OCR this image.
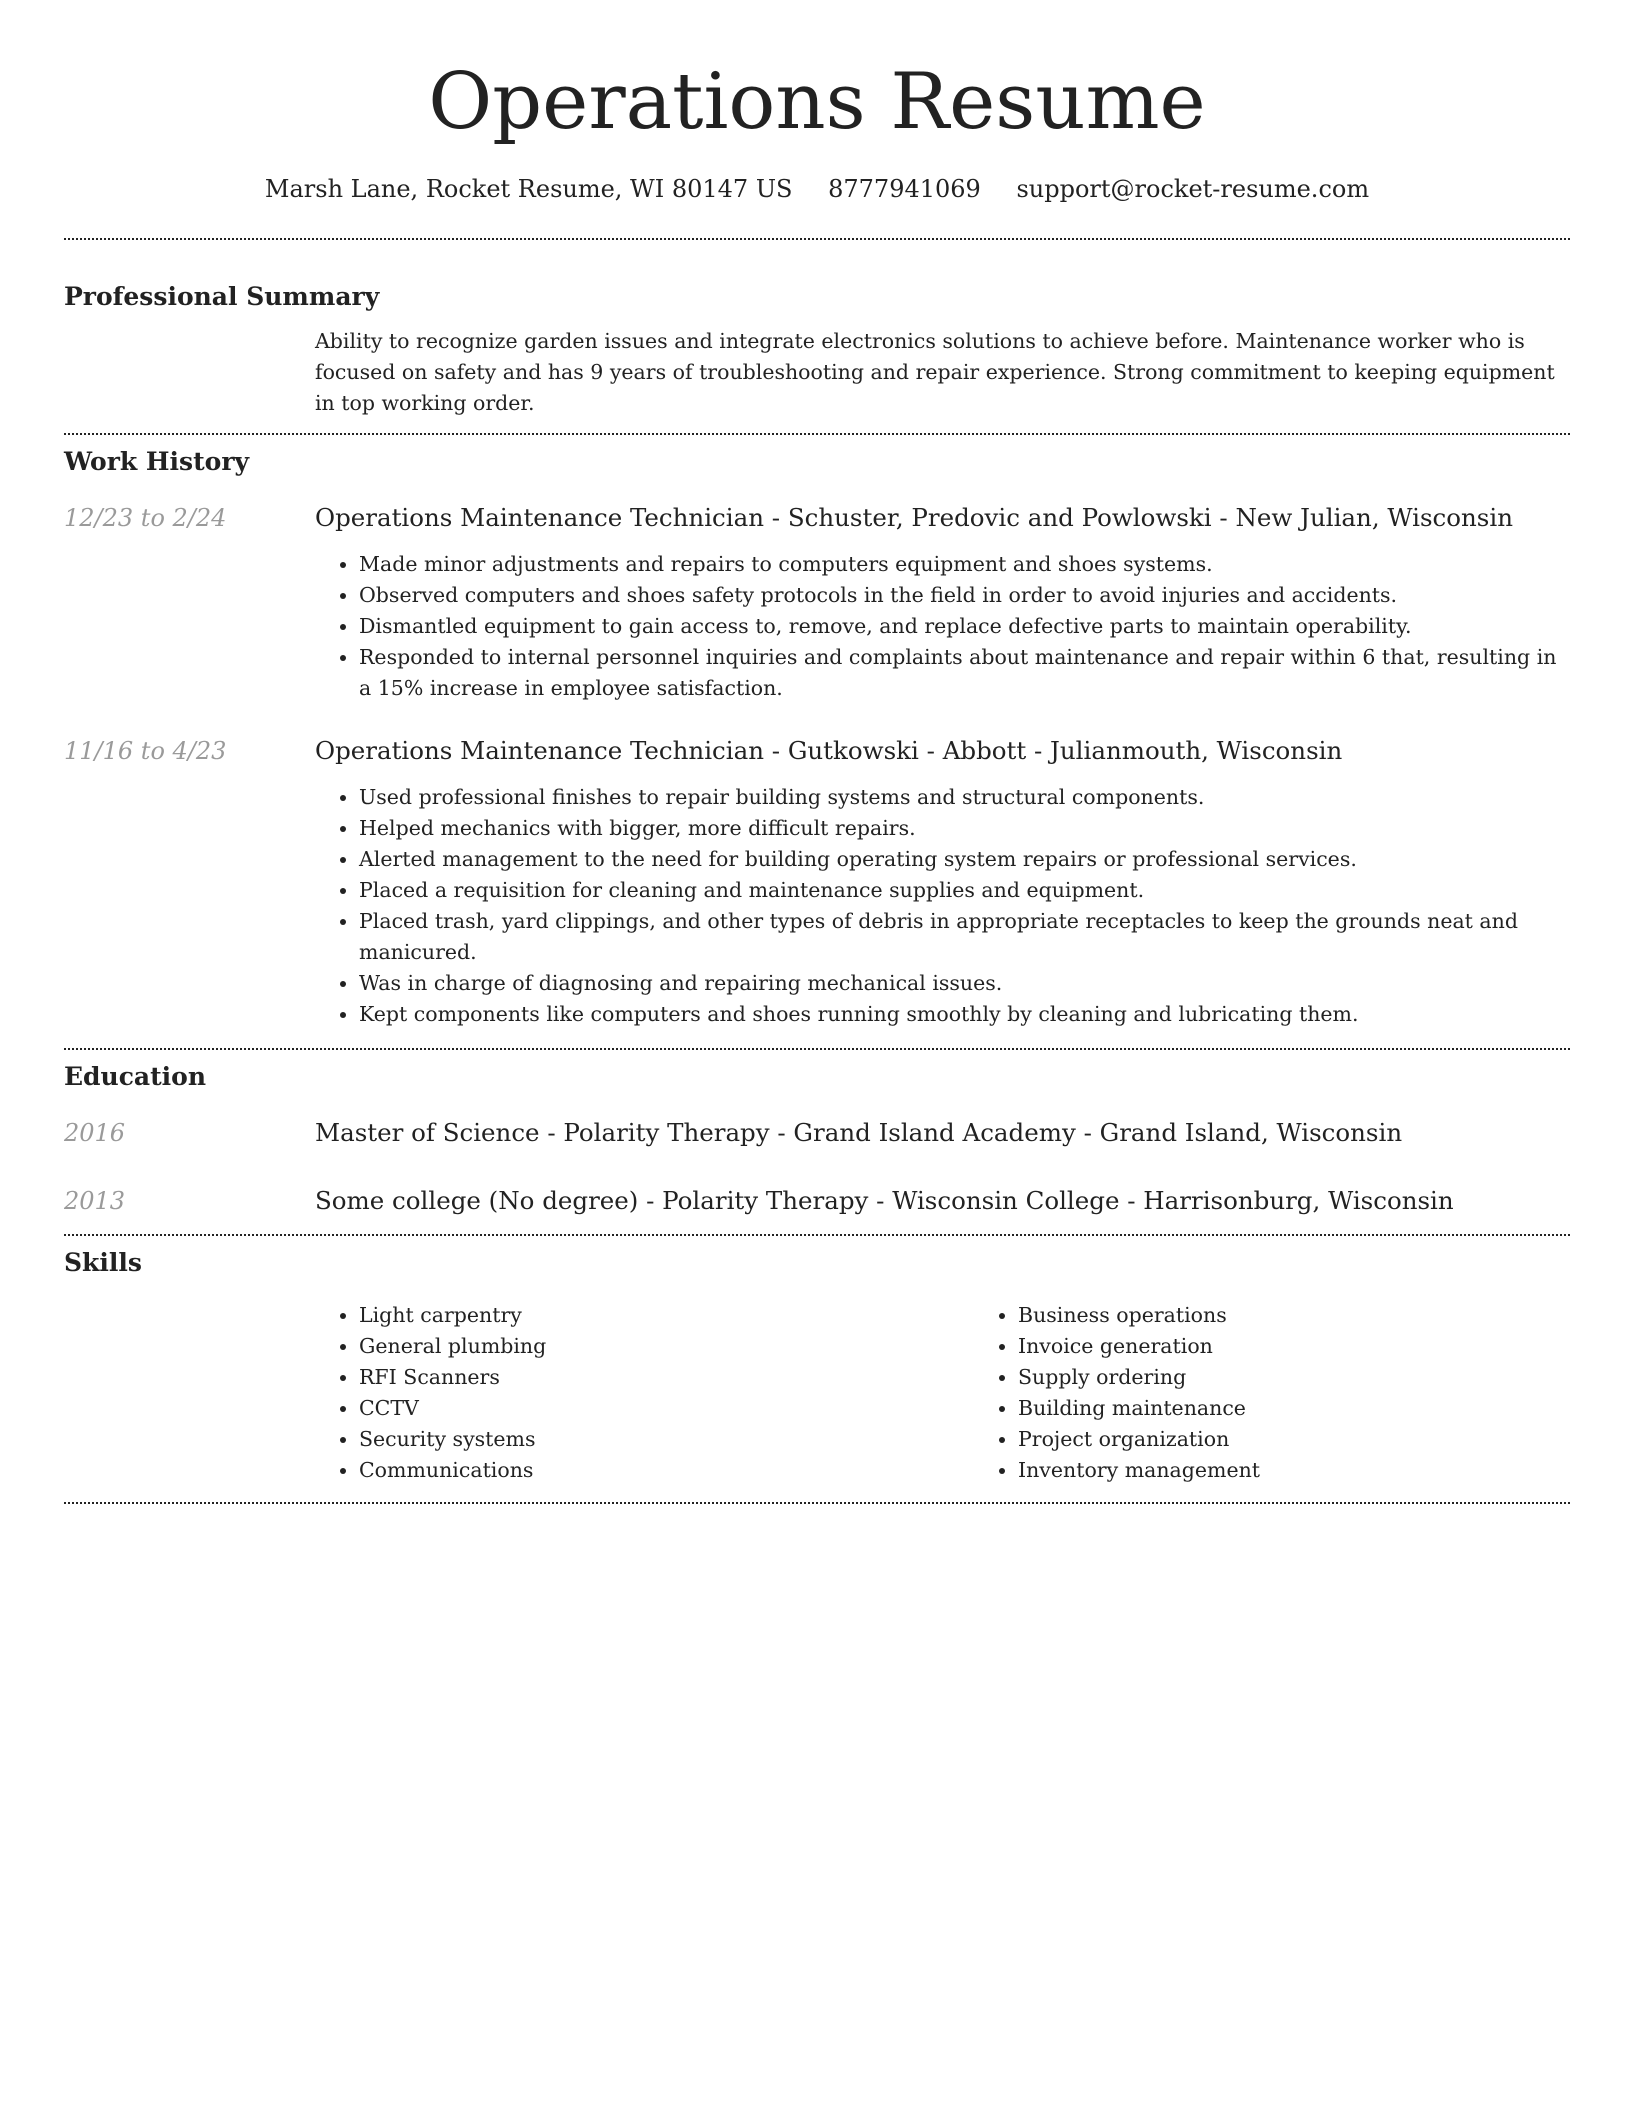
Operations Resume
Marsh Lane, Rocket Resume, WI 80147 US 8777941069 support@rocket-resume.com
Professional Summary

Ability to recognize garden issues and integrate electronics solutions to achieve before. Maintenance worker who is focused on safety and has 9 years of troubleshooting and repair experience. Strong commitment to keeping equipment in top working order.

Work History
12/23 to 2/24	Operations Maintenance Technician - Schuster, Predovic and Powlowski - New Julian, Wisconsin

• Made minor adjustments and repairs to computers equipment and shoes systems.
• Observed computers and shoes safety protocols in the field in order to avoid injuries and accidents.
• Dismantled equipment to gain access to, remove, and replace defective parts to maintain operability.
• Responded to internal personnel inquiries and complaints about maintenance and repair within 6 that, resulting in a 15% increase in employee satisfaction.
11/16 to 4/23	Operations Maintenance Technician - Gutkowski - Abbott - Julianmouth, Wisconsin

• Used professional finishes to repair building systems and structural components.
• Helped mechanics with bigger, more difficult repairs.
• Alerted management to the need for building operating system repairs or professional services.
• Placed a requisition for cleaning and maintenance supplies and equipment.
• Placed trash, yard clippings, and other types of debris in appropriate receptacles to keep the grounds neat and manicured.
• Was in charge of diagnosing and repairing mechanical issues.
• Kept components like computers and shoes running smoothly by cleaning and lubricating them.
Education
2016	Master of Science - Polarity Therapy - Grand Island Academy - Grand Island, Wisconsin

2013	Some college (No degree) - Polarity Therapy - Wisconsin College - Harrisonburg, Wisconsin

Skills
• Light carpentry
• General plumbing
• RFI Scanners
• CCTV
• Security systems
• Communications
• Business operations
• Invoice generation
• Supply ordering
• Building maintenance
• Project organization
• Inventory management
